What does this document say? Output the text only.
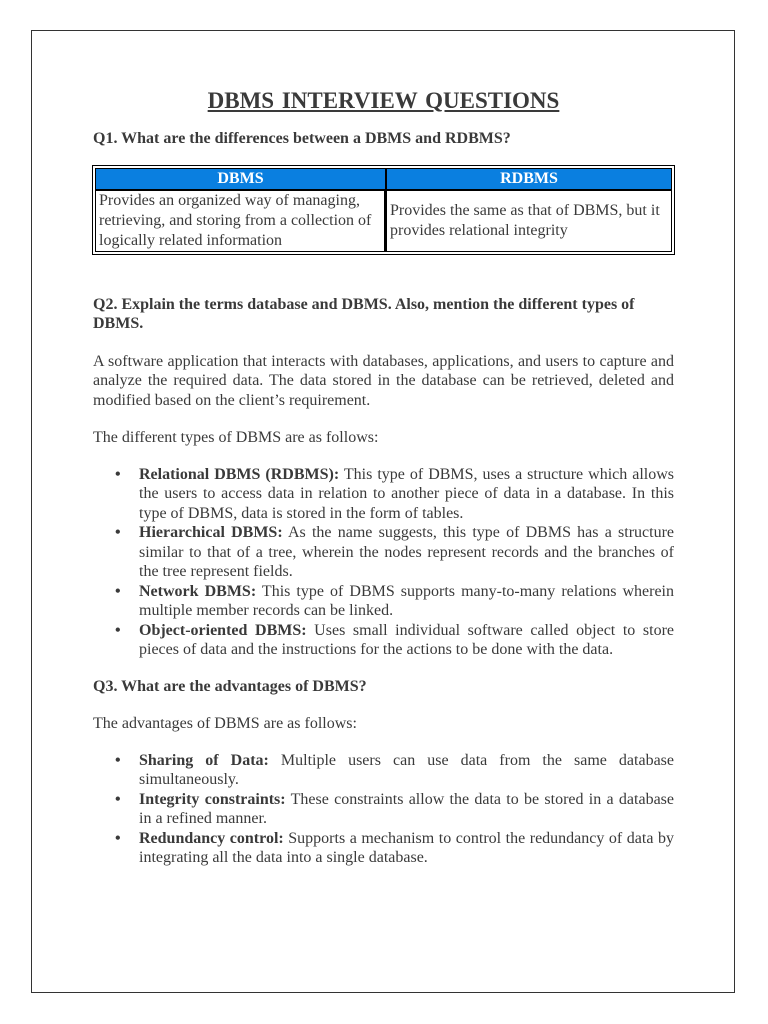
DBMS INTERVIEW QUESTIONS

Q1. What are the differences between a DBMS and RDBMS?

DBMS	RDBMS
Provides an organized way of managing, retrieving, and storing from a collection of logically related information	Provides the same as that of DBMS, but it provides relational integrity

Q2. Explain the terms database and DBMS. Also, mention the different types of DBMS.

A software application that interacts with databases, applications, and users to capture and analyze the required data. The data stored in the database can be retrieved, deleted and modified based on the client’s requirement.

The different types of DBMS are as follows:

• Relational DBMS (RDBMS): This type of DBMS, uses a structure which allows the users to access data in relation to another piece of data in a database. In this type of DBMS, data is stored in the form of tables.
• Hierarchical DBMS: As the name suggests, this type of DBMS has a structure similar to that of a tree, wherein the nodes represent records and the branches of the tree represent fields.
• Network DBMS: This type of DBMS supports many-to-many relations wherein multiple member records can be linked.
• Object-oriented DBMS: Uses small individual software called object to store pieces of data and the instructions for the actions to be done with the data.

Q3. What are the advantages of DBMS?

The advantages of DBMS are as follows:

• Sharing of Data: Multiple users can use data from the same database simultaneously.
• Integrity constraints: These constraints allow the data to be stored in a database in a refined manner.
• Redundancy control: Supports a mechanism to control the redundancy of data by integrating all the data into a single database.
